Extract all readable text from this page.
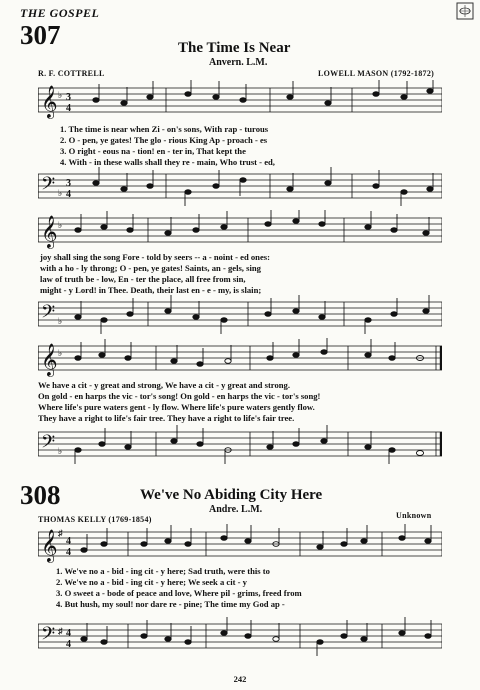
THE GOSPEL
307	The Time Is Near
Anvern. L.M.
R. F. COTTRELL	LOWELL MASON (1792-1872)
𝄞 ♭ 3
4
1. The time is near when Zi - on's sons, With rap - turous
2. O - pen, ye gates! The glo - rious King Ap - proach - es
3. O right - eous na - tion! en - ter in, That kept the
4. With - in these walls shall they re - main, Who trust - ed,
𝄢 ♭
3
4
𝄞 ♭
joy shall sing the song Fore - told by seers -- a - noint - ed ones:
with a ho - ly throng; O - pen, ye gates! Saints, an - gels, sing
law of truth be - low, En - ter the place, all free from sin,
might - y Lord! in Thee. Death, their last en - e - my, is slain;
𝄢 ♭
𝄞 ♭
We have a cit - y great and strong, We have a cit - y great and strong.
On gold - en harps the vic - tor's song! On gold - en harps the vic - tor's song!
Where life's pure waters gent - ly flow. Where life's pure waters gently flow.
They have a right to life's fair tree. They have a right to life's fair tree.
𝄢 ♭
308	We've No Abiding City Here
Andre. L.M.
THOMAS KELLY (1769-1854)	Unknown
𝄞 ♯
4
4
1. We've no a - bid - ing cit - y here; Sad truth, were this to
2. We've no a - bid - ing cit - y here; We seek a cit - y
3. O sweet a - bode of peace and love, Where pil - grims, freed from
4. But hush, my soul! nor dare re - pine; The time my God ap -
𝄢 ♯ 4
4
242
